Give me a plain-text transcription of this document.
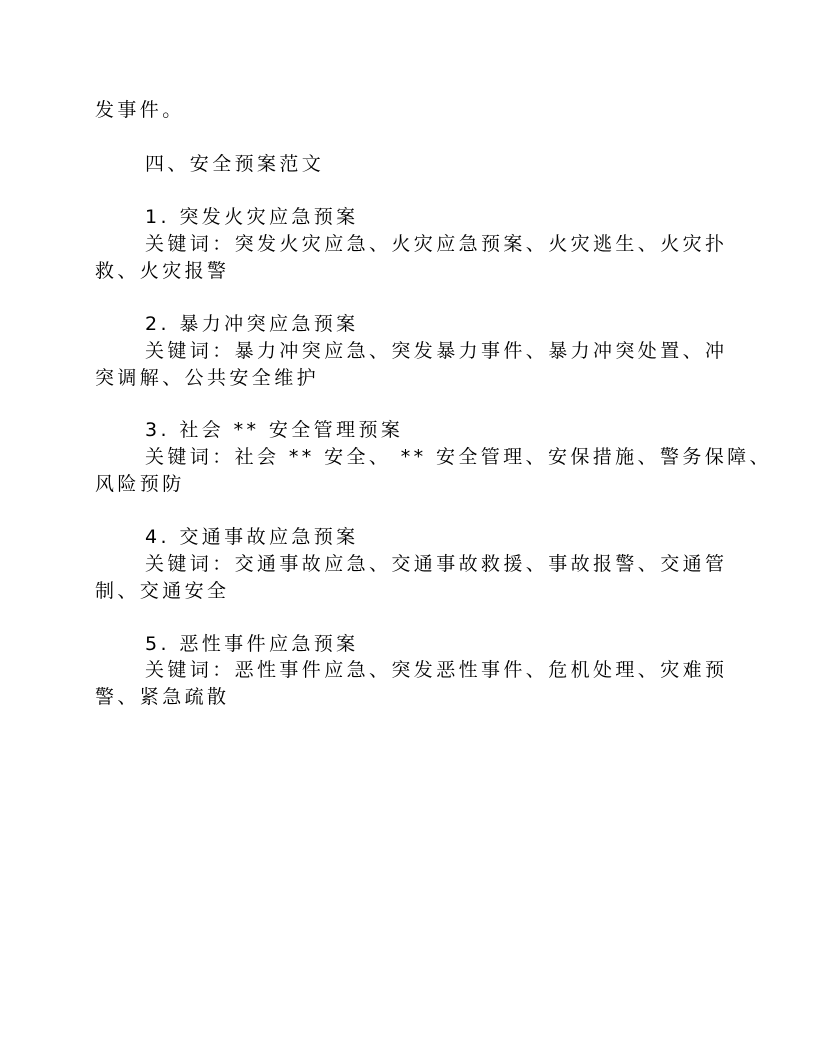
发事件。
四、安全预案范文
1. 突发火灾应急预案
关键词：突发火灾应急、火灾应急预案、火灾逃生、火灾扑
救、火灾报警
2. 暴力冲突应急预案
关键词：暴力冲突应急、突发暴力事件、暴力冲突处置、冲
突调解、公共安全维护
3. 社会 ** 安全管理预案
关键词：社会 ** 安全、 ** 安全管理、安保措施、警务保障、
风险预防
4. 交通事故应急预案
关键词：交通事故应急、交通事故救援、事故报警、交通管
制、交通安全
5. 恶性事件应急预案
关键词：恶性事件应急、突发恶性事件、危机处理、灾难预
警、紧急疏散
